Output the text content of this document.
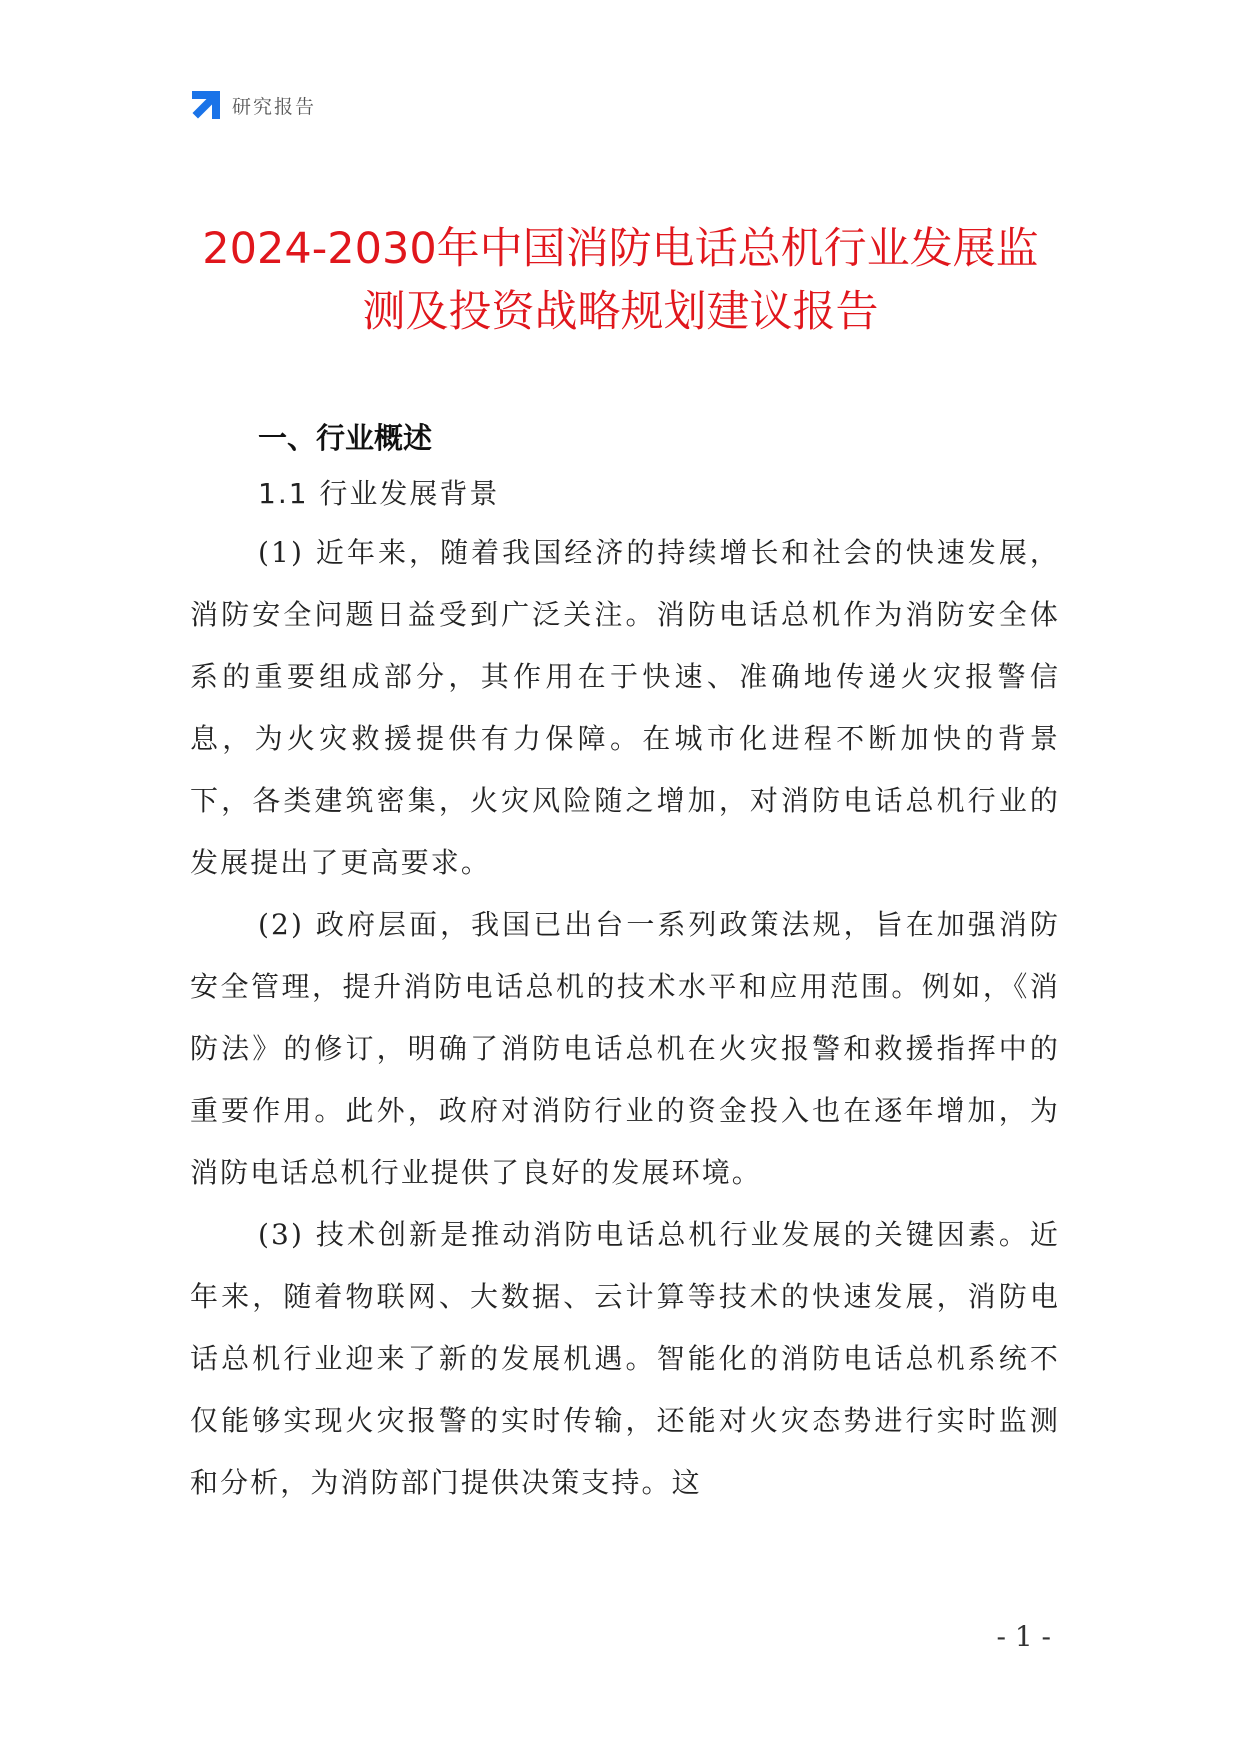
研究报告
2024-2030年中国消防电话总机行业发展监
测及投资战略规划建议报告
一、行业概述
1.1 行业发展背景

(1) 近年来，随着我国经济的持续增长和社会的快速发展，消防安全问题日益受到广泛关注。消防电话总机作为消防安全体系的重要组成部分，其作用在于快速、准确地传递火灾报警信息，为火灾救援提供有力保障。在城市化进程不断加快的背景下，各类建筑密集，火灾风险随之增加，对消防电话总机行业的发展提出了更高要求。

(2) 政府层面，我国已出台一系列政策法规，旨在加强消防安全管理，提升消防电话总机的技术水平和应用范围。例如，《消防法》的修订，明确了消防电话总机在火灾报警和救援指挥中的重要作用。此外，政府对消防行业的资金投入也在逐年增加，为消防电话总机行业提供了良好的发展环境。

(3) 技术创新是推动消防电话总机行业发展的关键因素。近年来，随着物联网、大数据、云计算等技术的快速发展，消防电话总机行业迎来了新的发展机遇。智能化的消防电话总机系统不仅能够实现火灾报警的实时传输，还能对火灾态势进行实时监测和分析，为消防部门提供决策支持。这

- 1 -
